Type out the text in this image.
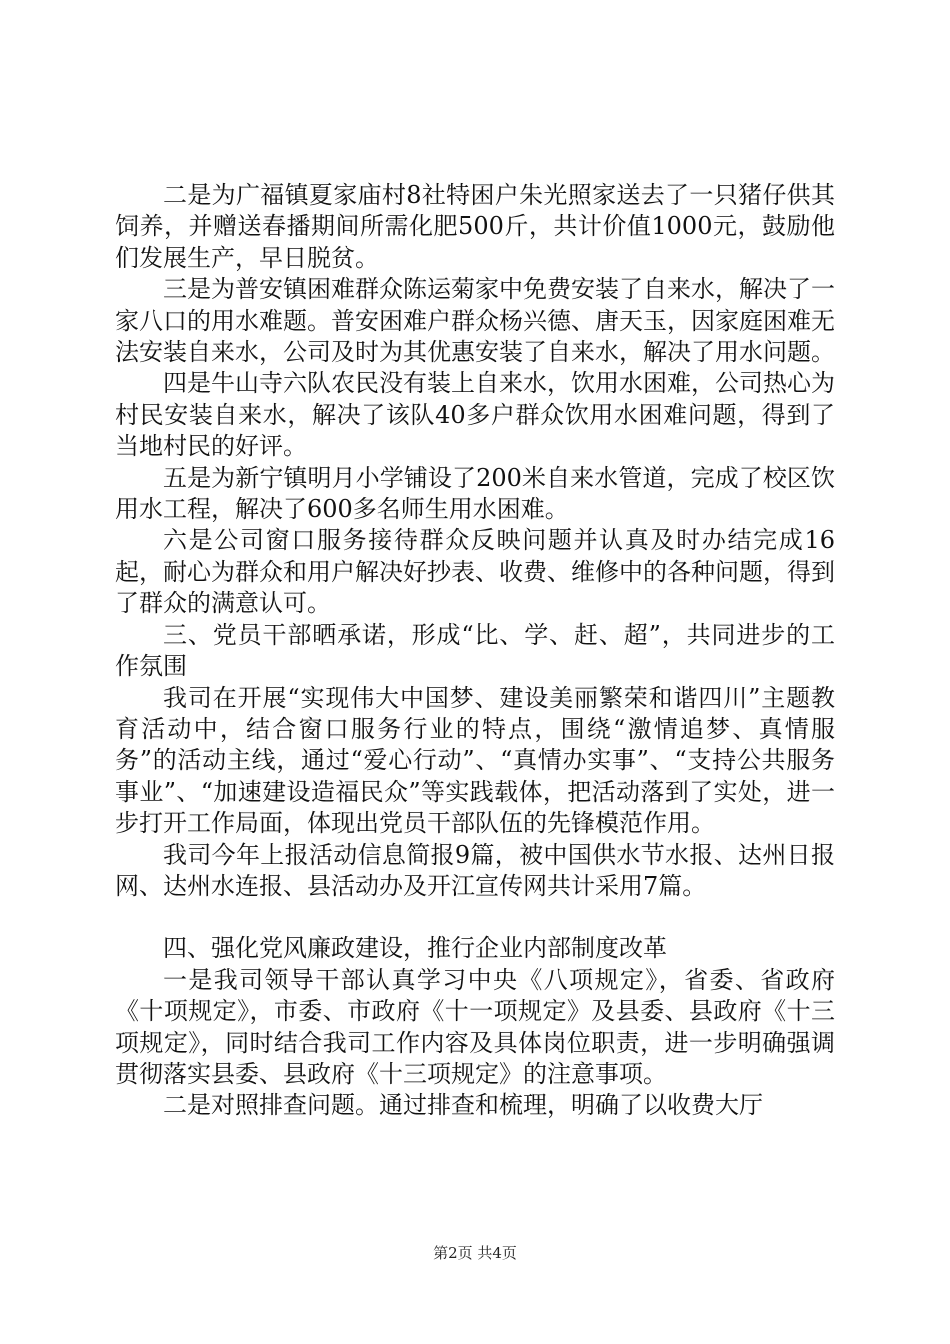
二是为广福镇夏家庙村8社特困户朱光照家送去了一只猪仔供其饲养，并赠送春播期间所需化肥500斤，共计价值1000元，鼓励他们发展生产，早日脱贫。

三是为普安镇困难群众陈运菊家中免费安装了自来水，解决了一家八口的用水难题。普安困难户群众杨兴德、唐天玉，因家庭困难无法安装自来水，公司及时为其优惠安装了自来水，解决了用水问题。

四是牛山寺六队农民没有装上自来水，饮用水困难，公司热心为村民安装自来水，解决了该队40多户群众饮用水困难问题，得到了当地村民的好评。

五是为新宁镇明月小学铺设了200米自来水管道，完成了校区饮用水工程，解决了600多名师生用水困难。

六是公司窗口服务接待群众反映问题并认真及时办结完成16起，耐心为群众和用户解决好抄表、收费、维修中的各种问题，得到了群众的满意认可。

三、党员干部晒承诺，形成“比、学、赶、超”，共同进步的工作氛围

我司在开展“实现伟大中国梦、建设美丽繁荣和谐四川”主题教育活动中，结合窗口服务行业的特点，围绕“激情追梦、真情服务”的活动主线，通过“爱心行动”、“真情办实事”、“支持公共服务事业”、“加速建设造福民众”等实践载体，把活动落到了实处，进一步打开工作局面，体现出党员干部队伍的先锋模范作用。

我司今年上报活动信息简报9篇，被中国供水节水报、达州日报网、达州水连报、县活动办及开江宣传网共计采用7篇。

四、强化党风廉政建设，推行企业内部制度改革

一是我司领导干部认真学习中央《八项规定》，省委、省政府《十项规定》，市委、市政府《十一项规定》及县委、县政府《十三项规定》，同时结合我司工作内容及具体岗位职责，进一步明确强调贯彻落实县委、县政府《十三项规定》的注意事项。

二是对照排查问题。通过排查和梳理，明确了以收费大厅

第2页 共4页
